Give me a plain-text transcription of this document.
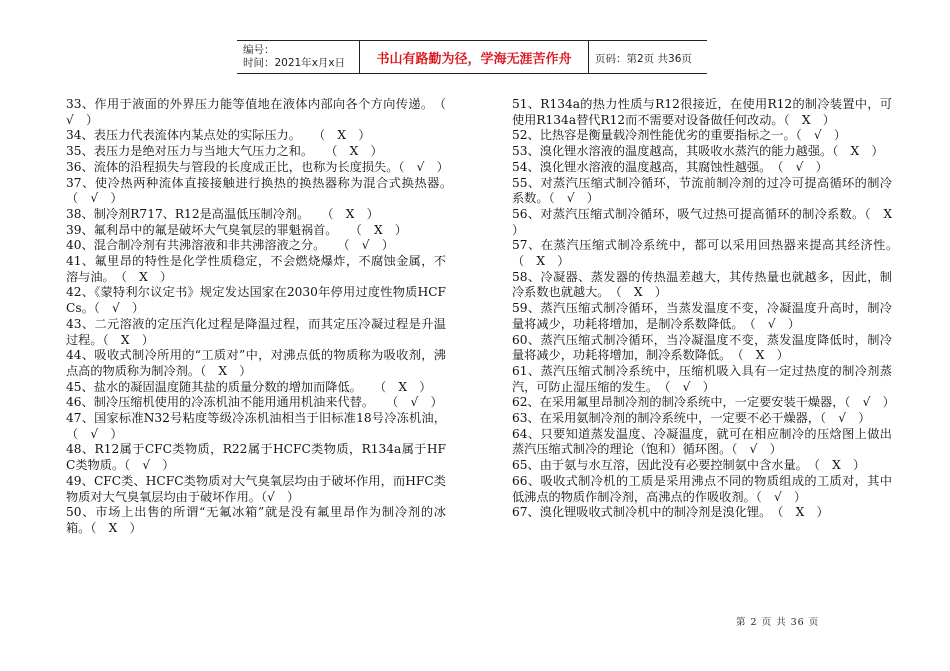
编号：
时间：2021年x月x日 书山有路勤为径，学海无涯苦作舟 页码：第2页 共36页
33、作用于液面的外界压力能等值地在液体内部向各个方向传递。　（　√　）
34、表压力代表流体内某点处的实际压力。　　（　X　）
35、表压力是绝对压力与当地大气压力之和。　　（　X　）
36、流体的沿程损失与管段的长度成正比，也称为长度损失。（　√　）
37、使冷热两种流体直接接触进行换热的换热器称为混合式换热器。　（　√　）
38、制冷剂R717、R12是高温低压制冷剂。　　（　X　）
39、氟利昂中的氟是破坏大气臭氧层的罪魁祸首。　　（　X　）
40、混合制冷剂有共沸溶液和非共沸溶液之分。　　（　√　）
41、氟里昂的特性是化学性质稳定，不会燃烧爆炸，不腐蚀金属，不溶与油。　（　X　）
42、《蒙特利尔议定书》规定发达国家在2030年停用过度性物质HCFCs。（　√　）
43、二元溶液的定压汽化过程是降温过程，而其定压冷凝过程是升温过程。（　X　）
44、吸收式制冷所用的“工质对”中，对沸点低的物质称为吸收剂，沸点高的物质称为制冷剂。（　X　）
45、盐水的凝固温度随其盐的质量分数的增加而降低。　　（　X　）
46、制冷压缩机使用的冷冻机油不能用通用机油来代替。　　（　√　）
47、国家标准N32号粘度等级冷冻机油相当于旧标准18号冷冻机油，（　√　）
48、R12属于CFC类物质，R22属于HCFC类物质，R134a属于HFC类物质。（　√　）
49、CFC类、HCFC类物质对大气臭氧层均由于破坏作用，而HFC类物质对大气臭氧层均由于破坏作用。（√　）
50、市场上出售的所谓“无氟冰箱”就是没有氟里昂作为制冷剂的冰箱。（　X　）
51、R134a的热力性质与R12很接近，在使用R12的制冷装置中，可使用R134a替代R12而不需要对设备做任何改动。（　X　）
52、比热容是衡量载冷剂性能优劣的重要指标之一。（　√　）
53、溴化锂水溶液的温度越高，其吸收水蒸汽的能力越强。（　X　）
54、溴化锂水溶液的温度越高，其腐蚀性越强。　（　√　）
55、对蒸汽压缩式制冷循环，节流前制冷剂的过冷可提高循环的制冷系数。（　√　）
56、对蒸汽压缩式制冷循环，吸气过热可提高循环的制冷系数。（　X　）
57、在蒸汽压缩式制冷系统中，都可以采用回热器来提高其经济性。　（　X　）
58、冷凝器、蒸发器的传热温差越大，其传热量也就越多，因此，制冷系数也就越大。　（　X　）
59、蒸汽压缩式制冷循环，当蒸发温度不变，冷凝温度升高时，制冷量将减少，功耗将增加，是制冷系数降低。　（　√　）
60、蒸汽压缩式制冷循环，当冷凝温度不变，蒸发温度降低时，制冷量将减少，功耗将增加，制冷系数降低。　（　X　）
61、蒸汽压缩式制冷系统中，压缩机吸入具有一定过热度的制冷剂蒸汽，可防止湿压缩的发生。　（　√　）
62、在采用氟里昂制冷剂的制冷系统中，一定要安装干燥器，（　√　）
63、在采用氨制冷剂的制冷系统中，一定要不必干燥器，（　√　）
64、只要知道蒸发温度、冷凝温度，就可在相应制冷的压焓图上做出蒸汽压缩式制冷的理论（饱和）循环图。（　√　）
65、由于氨与水互溶，因此没有必要控制氨中含水量。　（　X　）
66、吸收式制冷机的工质是采用沸点不同的物质组成的工质对，其中低沸点的物质作制冷剂，高沸点的作吸收剂。（　√　）
67、溴化锂吸收式制冷机中的制冷剂是溴化锂。　（　X　）
第 2 页 共 36 页
